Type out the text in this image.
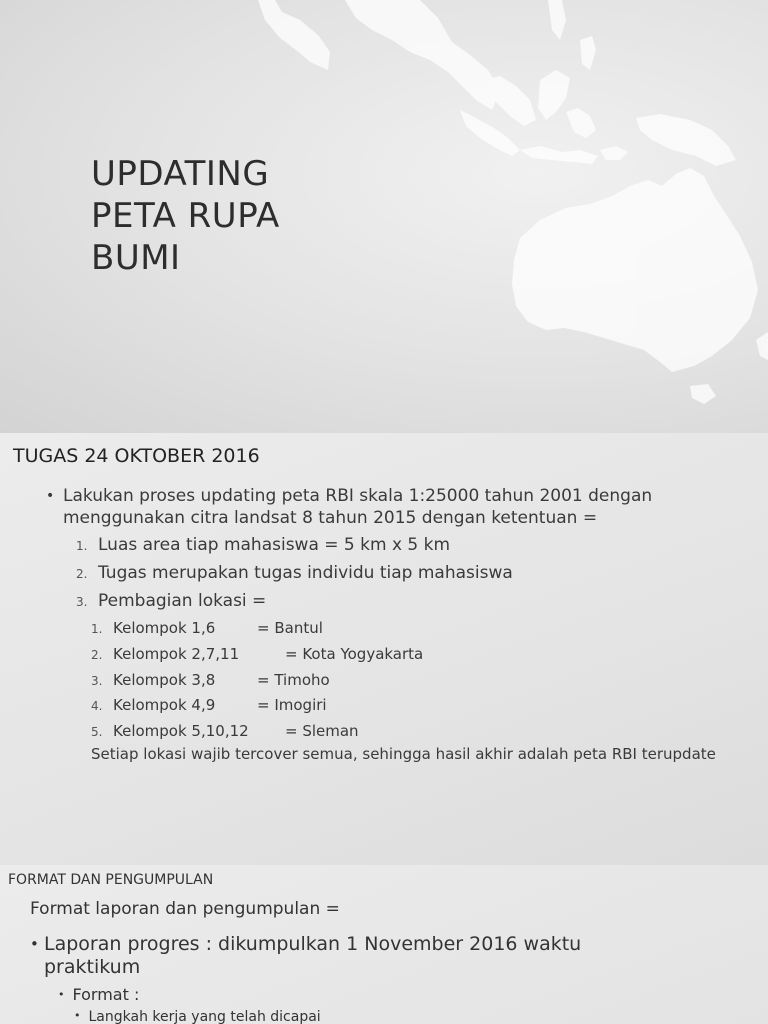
UPDATING
PETA RUPA
BUMI
TUGAS 24 OKTOBER 2016
• Lakukan proses updating peta RBI skala 1:25000 tahun 2001 dengan menggunakan citra landsat 8 tahun 2015 dengan ketentuan =
1. Luas area tiap mahasiswa = 5 km x 5 km
2. Tugas merupakan tugas individu tiap mahasiswa
3. Pembagian lokasi =
1. Kelompok 1,6	= Bantul
2. Kelompok 2,7,11	= Kota Yogyakarta
3. Kelompok 3,8	= Timoho
4. Kelompok 4,9	= Imogiri
5. Kelompok 5,10,12 = Sleman
Setiap lokasi wajib tercover semua, sehingga hasil akhir adalah peta RBI terupdate
FORMAT DAN PENGUMPULAN
Format laporan dan pengumpulan =
• Laporan progres : dikumpulkan 1 November 2016 waktu praktikum
• Format :
• Langkah kerja yang telah dicapai
